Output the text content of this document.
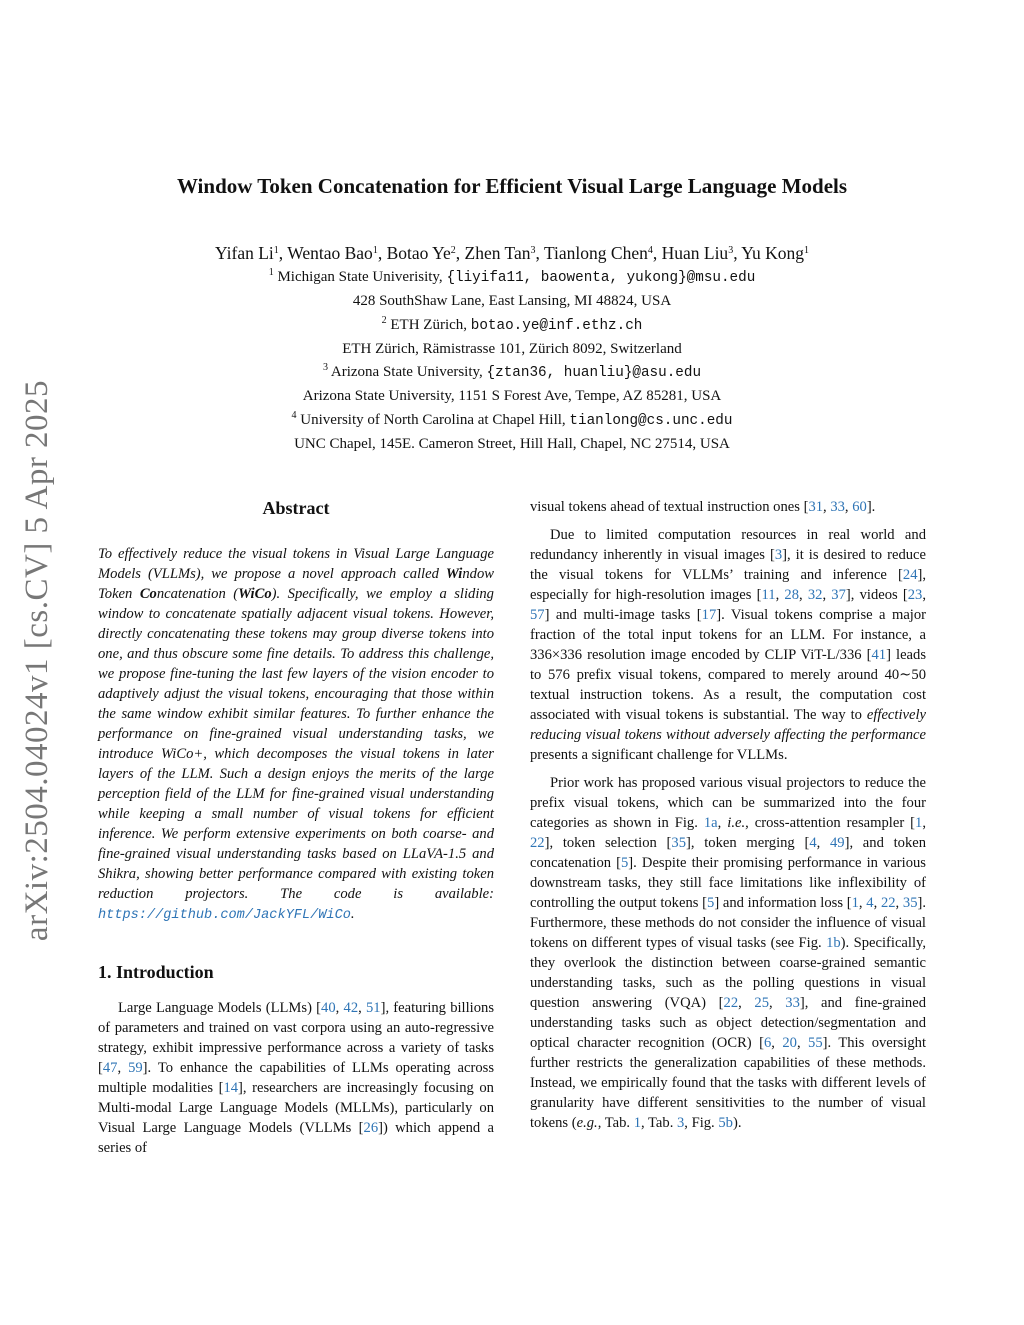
arXiv:2504.04024v1 [cs.CV] 5 Apr 2025
Window Token Concatenation for Efficient Visual Large Language Models
Yifan Li$^1$, Wentao Bao$^1$, Botao Ye$^2$, Zhen Tan$^3$, Tianlong Chen$^4$, Huan Liu$^3$, Yu Kong$^1$
$^1$ Michigan State Univerisity, {liyifa11, baowenta, yukong}@msu.edu
428 SouthShaw Lane, East Lansing, MI 48824, USA
$^2$ ETH Zürich, botao.ye@inf.ethz.ch
ETH Zürich, Rämistrasse 101, Zürich 8092, Switzerland
$^3$ Arizona State University, {ztan36, huanliu}@asu.edu
Arizona State University, 1151 S Forest Ave, Tempe, AZ 85281, USA
$^4$ University of North Carolina at Chapel Hill, tianlong@cs.unc.edu
UNC Chapel, 145E. Cameron Street, Hill Hall, Chapel, NC 27514, USA
Abstract

To effectively reduce the visual tokens in Visual Large Language Models (VLLMs), we propose a novel approach called Window Token Concatenation (WiCo). Specifically, we employ a sliding window to concatenate spatially adjacent visual tokens. However, directly concatenating these tokens may group diverse tokens into one, and thus obscure some fine details. To address this challenge, we propose fine-tuning the last few layers of the vision encoder to adaptively adjust the visual tokens, encouraging that those within the same window exhibit similar features. To further enhance the performance on fine-grained visual understanding tasks, we introduce WiCo+, which decomposes the visual tokens in later layers of the LLM. Such a design enjoys the merits of the large perception field of the LLM for fine-grained visual understanding while keeping a small number of visual tokens for efficient inference. We perform extensive experiments on both coarse- and fine-grained visual understanding tasks based on LLaVA-1.5 and Shikra, showing better performance compared with existing token reduction projectors. The code is available: https://github.com/JackYFL/WiCo.

1. Introduction

Large Language Models (LLMs) [40, 42, 51], featuring billions of parameters and trained on vast corpora using an auto-regressive strategy, exhibit impressive performance across a variety of tasks [47, 59]. To enhance the capabilities of LLMs operating across multiple modalities [14], researchers are increasingly focusing on Multi-modal Large Language Models (MLLMs), particularly on Visual Large Language Models (VLLMs [26]) which append a series of

visual tokens ahead of textual instruction ones [31, 33, 60].

Due to limited computation resources in real world and redundancy inherently in visual images [3], it is desired to reduce the visual tokens for VLLMs’ training and inference [24], especially for high-resolution images [11, 28, 32, 37], videos [23, 57] and multi-image tasks [17]. Visual tokens comprise a major fraction of the total input tokens for an LLM. For instance, a 336×336 resolution image encoded by CLIP ViT-L/336 [41] leads to 576 prefix visual tokens, compared to merely around 40∼50 textual instruction tokens. As a result, the computation cost associated with visual tokens is substantial. The way to effectively reducing visual tokens without adversely affecting the performance presents a significant challenge for VLLMs.

Prior work has proposed various visual projectors to reduce the prefix visual tokens, which can be summarized into the four categories as shown in Fig. 1a, i.e., cross-attention resampler [1, 22], token selection [35], token merging [4, 49], and token concatenation [5]. Despite their promising performance in various downstream tasks, they still face limitations like inflexibility of controlling the output tokens [5] and information loss [1, 4, 22, 35]. Furthermore, these methods do not consider the influence of visual tokens on different types of visual tasks (see Fig. 1b). Specifically, they overlook the distinction between coarse-grained semantic understanding tasks, such as the polling questions in visual question answering (VQA) [22, 25, 33], and fine-grained understanding tasks such as object detection/segmentation and optical character recognition (OCR) [6, 20, 55]. This oversight further restricts the generalization capabilities of these methods. Instead, we empirically found that the tasks with different levels of granularity have different sensitivities to the number of visual tokens (e.g., Tab. 1, Tab. 3, Fig. 5b).
